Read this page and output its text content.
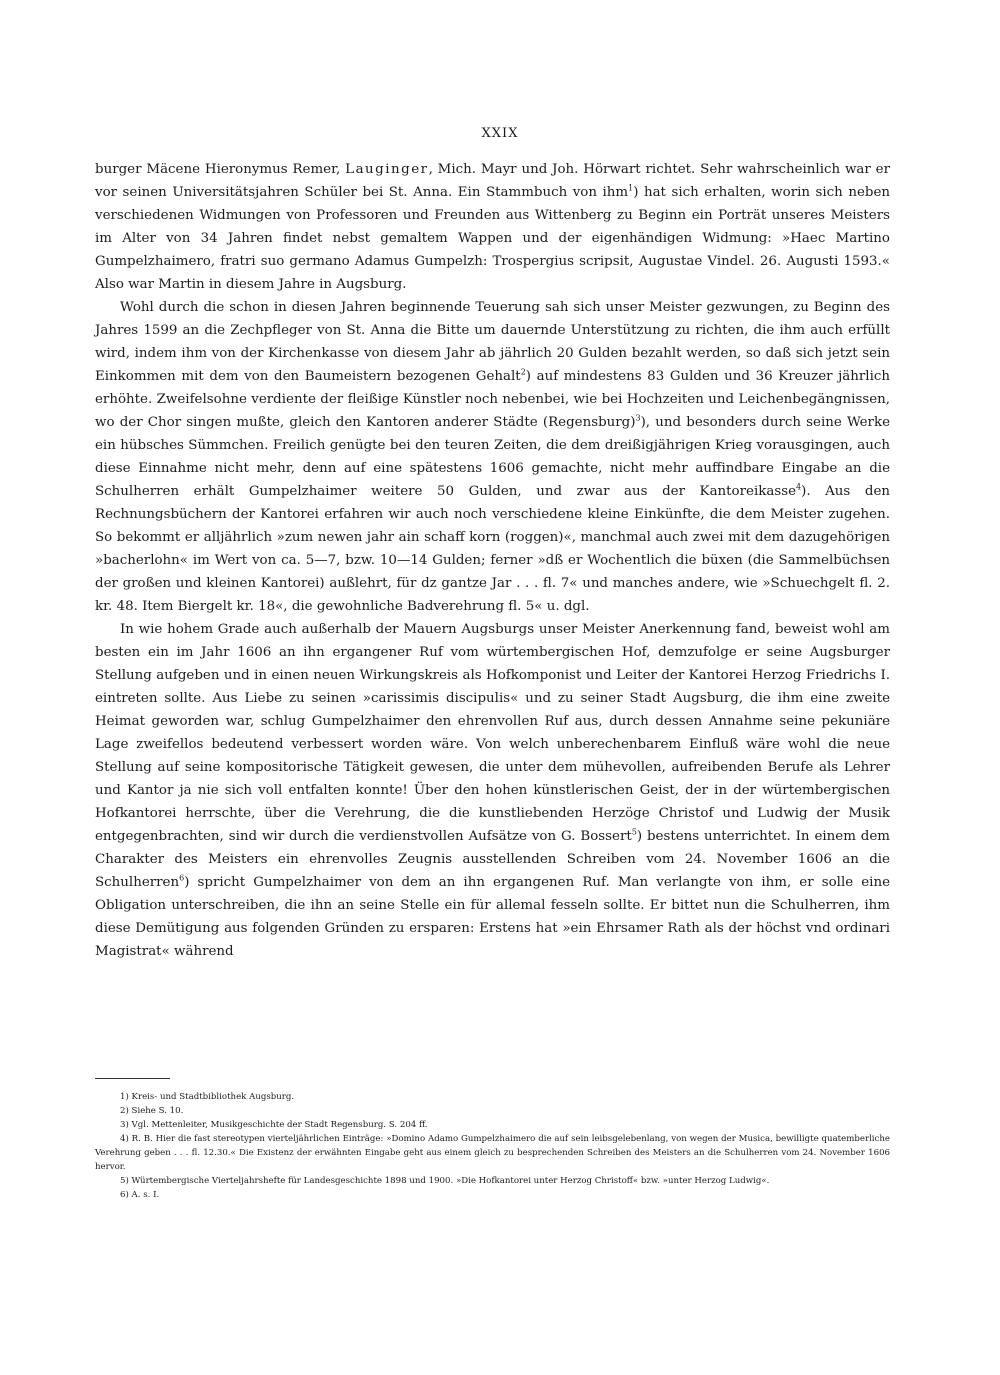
XXIX

burger Mäcene Hieronymus Remer, Lauginger, Mich. Mayr und Joh. Hörwart richtet. Sehr wahrscheinlich war er vor seinen Universitätsjahren Schüler bei St. Anna. Ein Stammbuch von ihm$^1$) hat sich erhalten, worin sich neben verschiedenen Widmungen von Professoren und Freunden aus Wittenberg zu Beginn ein Porträt unseres Meisters im Alter von 34 Jahren findet nebst gemaltem Wappen und der eigenhändigen Widmung: »Haec Martino Gumpelzhaimero, fratri suo germano Adamus Gumpelzh: Trospergius scripsit, Augustae Vindel. 26. Augusti 1593.« Also war Martin in diesem Jahre in Augsburg.

Wohl durch die schon in diesen Jahren beginnende Teuerung sah sich unser Meister gezwungen, zu Beginn des Jahres 1599 an die Zechpfleger von St. Anna die Bitte um dauernde Unterstützung zu richten, die ihm auch erfüllt wird, indem ihm von der Kirchenkasse von diesem Jahr ab jährlich 20 Gulden bezahlt werden, so daß sich jetzt sein Einkommen mit dem von den Baumeistern bezogenen Gehalt$^2$) auf mindestens 83 Gulden und 36 Kreuzer jährlich erhöhte. Zweifelsohne verdiente der fleißige Künstler noch nebenbei, wie bei Hochzeiten und Leichenbegängnissen, wo der Chor singen mußte, gleich den Kantoren anderer Städte (Regensburg)$^3$), und besonders durch seine Werke ein hübsches Sümmchen. Freilich genügte bei den teuren Zeiten, die dem dreißigjährigen Krieg vorausgingen, auch diese Einnahme nicht mehr, denn auf eine spätestens 1606 gemachte, nicht mehr auffindbare Eingabe an die Schulherren erhält Gumpelzhaimer weitere 50 Gulden, und zwar aus der Kantoreikasse$^4$). Aus den Rechnungsbüchern der Kantorei erfahren wir auch noch verschiedene kleine Einkünfte, die dem Meister zugehen. So bekommt er alljährlich »zum newen jahr ain schaff korn (roggen)«, manchmal auch zwei mit dem dazugehörigen »bacherlohn« im Wert von ca. 5—7, bzw. 10—14 Gulden; ferner »dß er Wochentlich die büxen (die Sammelbüchsen der großen und kleinen Kantorei) außlehrt, für dz gantze Jar . . . fl. 7« und manches andere, wie »Schuechgelt fl. 2. kr. 48. Item Biergelt kr. 18«, die gewohnliche Badverehrung fl. 5« u. dgl.

In wie hohem Grade auch außerhalb der Mauern Augsburgs unser Meister Anerkennung fand, beweist wohl am besten ein im Jahr 1606 an ihn ergangener Ruf vom würtembergischen Hof, demzufolge er seine Augsburger Stellung aufgeben und in einen neuen Wirkungskreis als Hofkomponist und Leiter der Kantorei Herzog Friedrichs I. eintreten sollte. Aus Liebe zu seinen »carissimis discipulis« und zu seiner Stadt Augsburg, die ihm eine zweite Heimat geworden war, schlug Gumpelzhaimer den ehrenvollen Ruf aus, durch dessen Annahme seine pekuniäre Lage zweifellos bedeutend verbessert worden wäre. Von welch unberechenbarem Einfluß wäre wohl die neue Stellung auf seine kompositorische Tätigkeit gewesen, die unter dem mühevollen, aufreibenden Berufe als Lehrer und Kantor ja nie sich voll entfalten konnte! Über den hohen künstlerischen Geist, der in der würtembergischen Hofkantorei herrschte, über die Verehrung, die die kunstliebenden Herzöge Christof und Ludwig der Musik entgegenbrachten, sind wir durch die verdienstvollen Aufsätze von G. Bossert$^5$) bestens unterrichtet. In einem dem Charakter des Meisters ein ehrenvolles Zeugnis ausstellenden Schreiben vom 24. November 1606 an die Schulherren$^6$) spricht Gumpelzhaimer von dem an ihn ergangenen Ruf. Man verlangte von ihm, er solle eine Obligation unterschreiben, die ihn an seine Stelle ein für allemal fesseln sollte. Er bittet nun die Schulherren, ihm diese Demütigung aus folgenden Gründen zu ersparen: Erstens hat »ein Ehrsamer Rath als der höchst vnd ordinari Magistrat« während

1) Kreis- und Stadtbibliothek Augsburg.

2) Siehe S. 10.

3) Vgl. Mettenleiter, Musikgeschichte der Stadt Regensburg. S. 204 ff.

4) R. B. Hier die fast stereotypen vierteljährlichen Einträge: »Domino Adamo Gumpelzhaimero die auf sein leibsgelebenlang, von wegen der Musica, bewilligte quatemberliche Verehrung geben . . . fl. 12.30.« Die Existenz der erwähnten Eingabe geht aus einem gleich zu besprechenden Schreiben des Meisters an die Schulherren vom 24. November 1606 hervor.

5) Würtembergische Vierteljahrshefte für Landesgeschichte 1898 und 1900. »Die Hofkantorei unter Herzog Christoff« bzw. »unter Herzog Ludwig«.

6) A. s. I.
